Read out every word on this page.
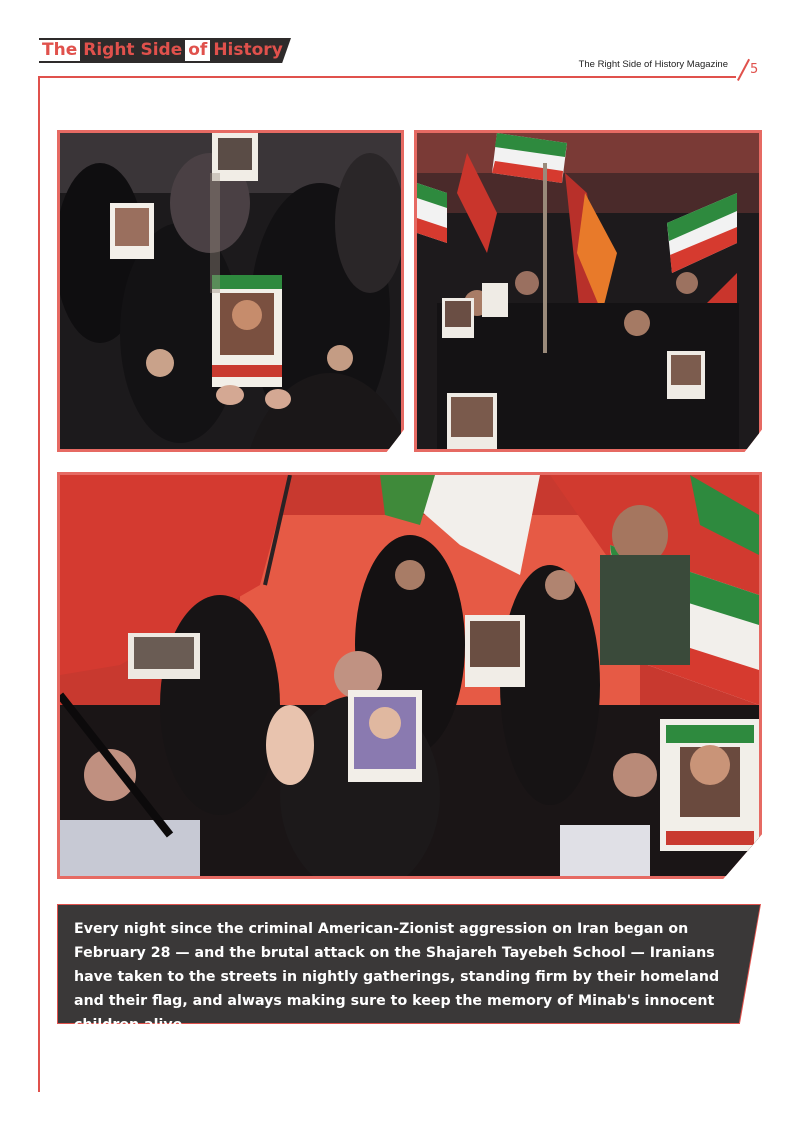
The Right Side of History
The Right Side of History Magazine 5
Every night since the criminal American-Zionist aggression on Iran began on February 28 — and the brutal attack on the Shajareh Tayebeh School — Iranians have taken to the streets in nightly gatherings, standing firm by their homeland and their flag, and always making sure to keep the memory of Minab's innocent children alive.
